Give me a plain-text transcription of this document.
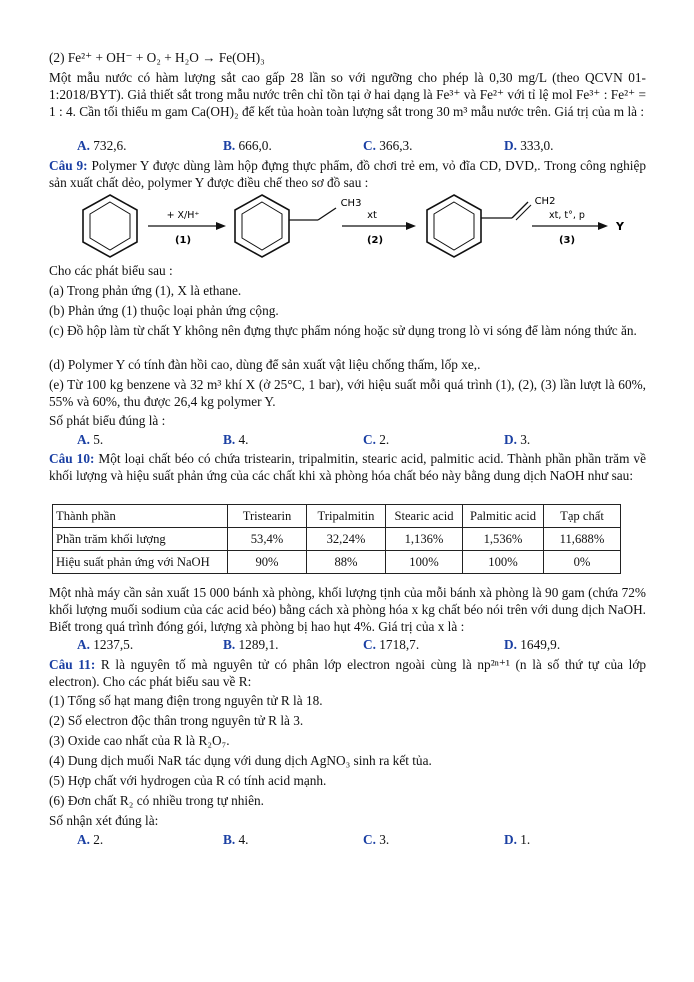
(2) Fe²⁺ + OH⁻ + O₂ + H₂O → Fe(OH)₃
Một mẫu nước có hàm lượng sắt cao gấp 28 lần so với ngưỡng cho phép là 0,30 mg/L (theo QCVN 01-1:2018/BYT). Giả thiết sắt trong mẫu nước trên chỉ tồn tại ở hai dạng là Fe³⁺ và Fe²⁺ với tỉ lệ mol Fe³⁺ : Fe²⁺ = 1 : 4. Cần tối thiểu m gam Ca(OH)₂ để kết tủa hoàn toàn lượng sắt trong 30 m³ mẫu nước trên. Giá trị của m là :
A. 732,6.	B. 666,0.	C. 366,3.	D. 333,0.
Câu 9: Polymer Y được dùng làm hộp đựng thực phẩm, đồ chơi trẻ em, vỏ đĩa CD, DVD,. Trong công nghiệp sản xuất chất dẻo, polymer Y được điều chế theo sơ đồ sau :
+ X/H⁺
(1)
CH3
xt
(2)
CH2
xt, t°, p
(3)
Y
Cho các phát biểu sau :
(a) Trong phản ứng (1), X là ethane.
(b) Phản ứng (1) thuộc loại phản ứng cộng.
(c) Đồ hộp làm từ chất Y không nên đựng thực phẩm nóng hoặc sử dụng trong lò vi sóng để làm nóng thức ăn.
(d) Polymer Y có tính đàn hồi cao, dùng để sản xuất vật liệu chống thấm, lốp xe,.
(e) Từ 100 kg benzene và 32 m³ khí X (ở 25°C, 1 bar), với hiệu suất mỗi quá trình (1), (2), (3) lần lượt là 60%, 55% và 60%, thu được 26,4 kg polymer Y.
Số phát biểu đúng là :
A. 5.	B. 4.	C. 2.	D. 3.
Câu 10: Một loại chất béo có chứa tristearin, tripalmitin, stearic acid, palmitic acid. Thành phần phần trăm về khối lượng và hiệu suất phản ứng của các chất khi xà phòng hóa chất béo này bằng dung dịch NaOH như sau:
Thành phần	Tristearin	Tripalmitin	Stearic acid	Palmitic acid	Tạp chất
Phần trăm khối lượng	53,4%	32,24%	1,136%	1,536%	11,688%
Hiệu suất phản ứng với NaOH	90%	88%	100%	100%	0%
Một nhà máy cần sản xuất 15 000 bánh xà phòng, khối lượng tịnh của mỗi bánh xà phòng là 90 gam (chứa 72% khối lượng muối sodium của các acid béo) bằng cách xà phòng hóa x kg chất béo nói trên với dung dịch NaOH. Biết trong quá trình đóng gói, lượng xà phòng bị hao hụt 4%. Giá trị của x là :
A. 1237,5.	B. 1289,1.	C. 1718,7.	D. 1649,9.
Câu 11: R là nguyên tố mà nguyên tử có phân lớp electron ngoài cùng là np²ⁿ⁺¹ (n là số thứ tự của lớp electron). Cho các phát biểu sau về R:
(1) Tổng số hạt mang điện trong nguyên tử R là 18.
(2) Số electron độc thân trong nguyên tử R là 3.
(3) Oxide cao nhất của R là R₂O₇.
(4) Dung dịch muối NaR tác dụng với dung dịch AgNO₃ sinh ra kết tủa.
(5) Hợp chất với hydrogen của R có tính acid mạnh.
(6) Đơn chất R₂ có nhiều trong tự nhiên.
Số nhận xét đúng là:
A. 2.	B. 4.	C. 3.	D. 1.
